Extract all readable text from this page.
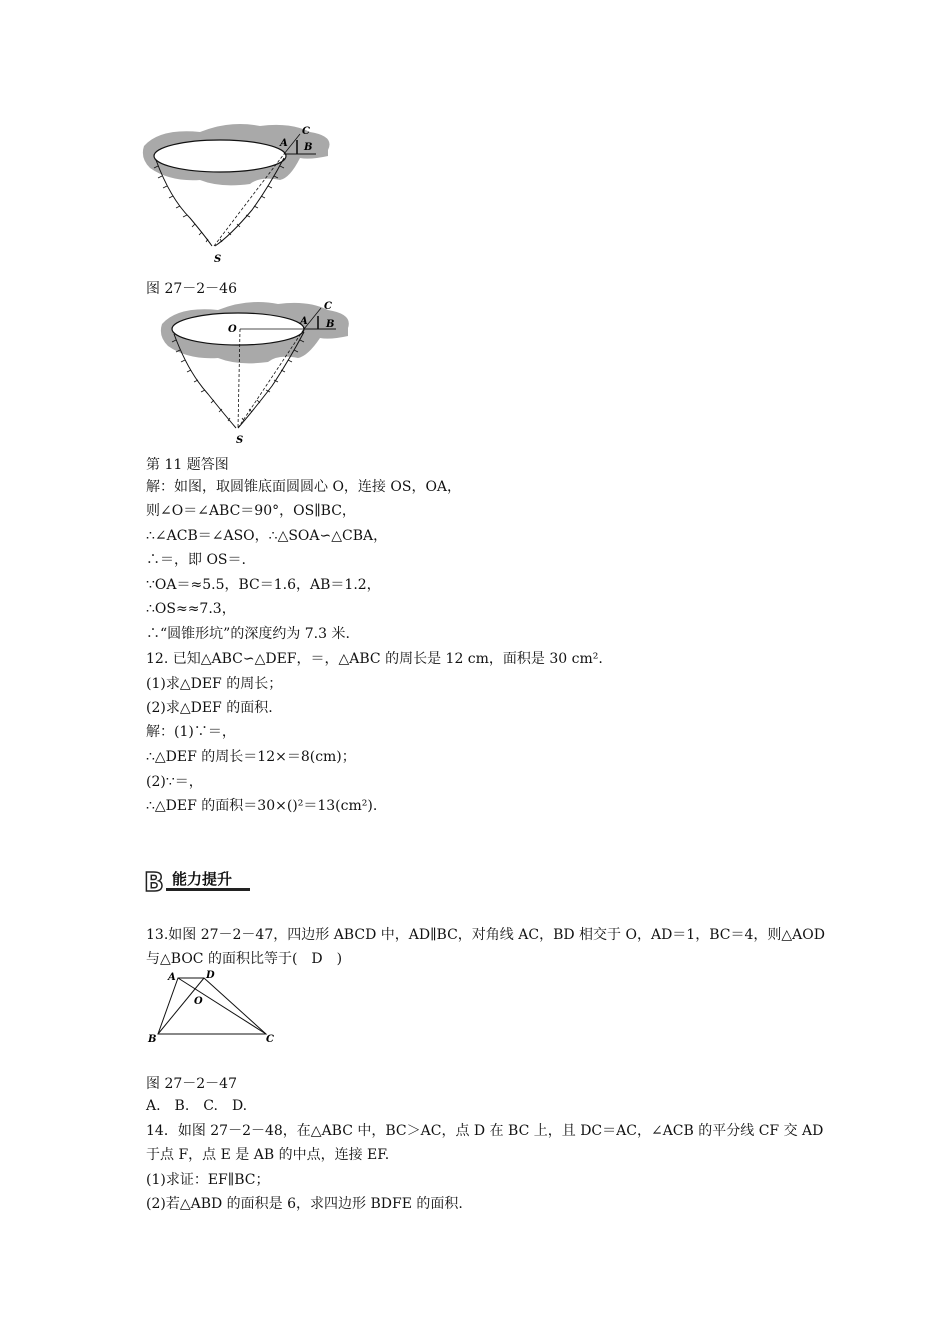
A
C
B
S
图 27－2－46
O
A
C
B
S
第 11 题答图
解：如图，取圆锥底面圆圆心 O，连接 OS，OA，
则∠O＝∠ABC＝90°，OS∥BC，
∴∠ACB＝∠ASO，∴△SOA∽△CBA，
∴＝，即 OS＝.
∵OA＝≈5.5，BC＝1.6，AB＝1.2，
∴OS≈≈7.3，
∴“圆锥形坑”的深度约为 7.3 米.
12. 已知△ABC∽△DEF，＝，△ABC 的周长是 12 cm，面积是 30 cm².
(1)求△DEF 的周长；
(2)求△DEF 的面积.
解：(1)∵＝，
∴△DEF 的周长＝12×＝8(cm)；
(2)∵＝，
∴△DEF 的面积＝30×()²＝13(cm²).
B 能力提升
13.如图 27－2－47，四边形 ABCD 中，AD∥BC，对角线 AC，BD 相交于 O，AD＝1，BC＝4，则△AOD
与△BOC 的面积比等于(　D　)
A	D
O
B	C
图 27－2－47
A.　B.　C.　D.
14．如图 27－2－48，在△ABC 中，BC＞AC，点 D 在 BC 上，且 DC＝AC，∠ACB 的平分线 CF 交 AD
于点 F，点 E 是 AB 的中点，连接 EF.
(1)求证：EF∥BC；
(2)若△ABD 的面积是 6，求四边形 BDFE 的面积.
